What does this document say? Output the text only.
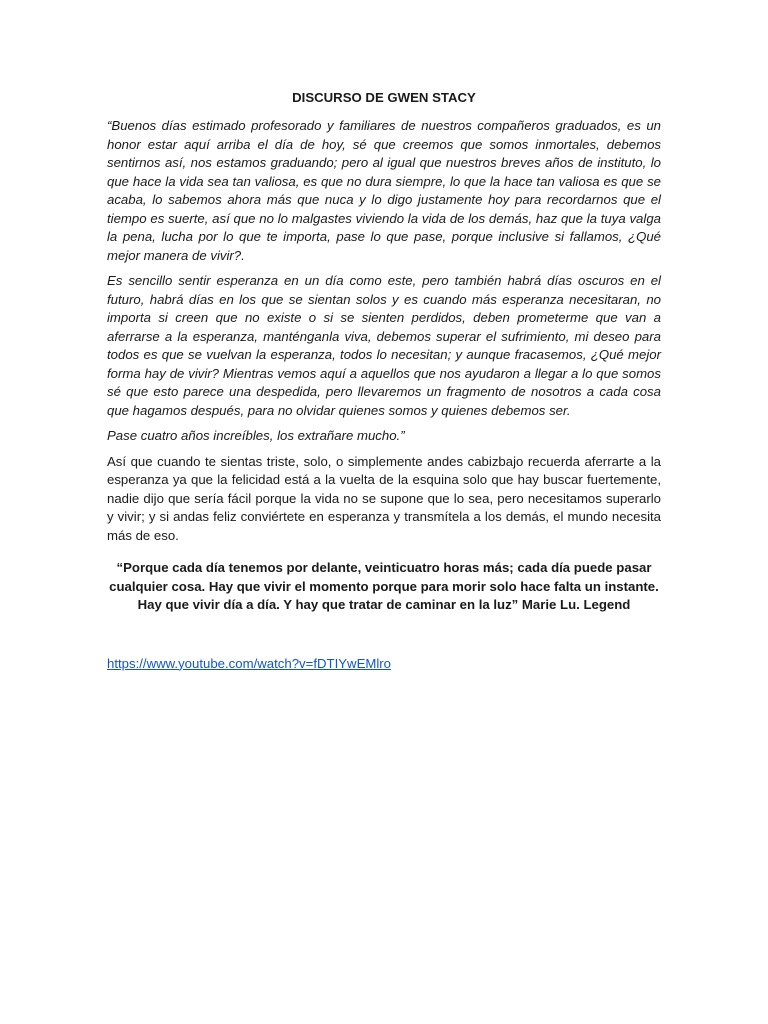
DISCURSO DE GWEN STACY

“Buenos días estimado profesorado y familiares de nuestros compañeros graduados, es un honor estar aquí arriba el día de hoy, sé que creemos que somos inmortales, debemos sentirnos así, nos estamos graduando; pero al igual que nuestros breves años de instituto, lo que hace la vida sea tan valiosa, es que no dura siempre, lo que la hace tan valiosa es que se acaba, lo sabemos ahora más que nuca y lo digo justamente hoy para recordarnos que el tiempo es suerte, así que no lo malgastes viviendo la vida de los demás, haz que la tuya valga la pena, lucha por lo que te importa, pase lo que pase, porque inclusive si fallamos, ¿Qué mejor manera de vivir?.

Es sencillo sentir esperanza en un día como este, pero también habrá días oscuros en el futuro, habrá días en los que se sientan solos y es cuando más esperanza necesitaran, no importa si creen que no existe o si se sienten perdidos, deben prometerme que van a aferrarse a la esperanza, manténganla viva, debemos superar el sufrimiento, mi deseo para todos es que se vuelvan la esperanza, todos lo necesitan; y aunque fracasemos, ¿Qué mejor forma hay de vivir? Mientras vemos aquí a aquellos que nos ayudaron a llegar a lo que somos sé que esto parece una despedida, pero llevaremos un fragmento de nosotros a cada cosa que hagamos después, para no olvidar quienes somos y quienes debemos ser.

Pase cuatro años increíbles, los extrañare mucho.”

Así que cuando te sientas triste, solo, o simplemente andes cabizbajo recuerda aferrarte a la esperanza ya que la felicidad está a la vuelta de la esquina solo que hay buscar fuertemente, nadie dijo que sería fácil porque la vida no se supone que lo sea, pero necesitamos superarlo y vivir; y si andas feliz conviértete en esperanza y transmítela a los demás, el mundo necesita más de eso.

“Porque cada día tenemos por delante, veinticuatro horas más; cada día puede pasar cualquier cosa. Hay que vivir el momento porque para morir solo hace falta un instante. Hay que vivir día a día. Y hay que tratar de caminar en la luz” Marie Lu. Legend
https://www.youtube.com/watch?v=fDTIYwEMlro
